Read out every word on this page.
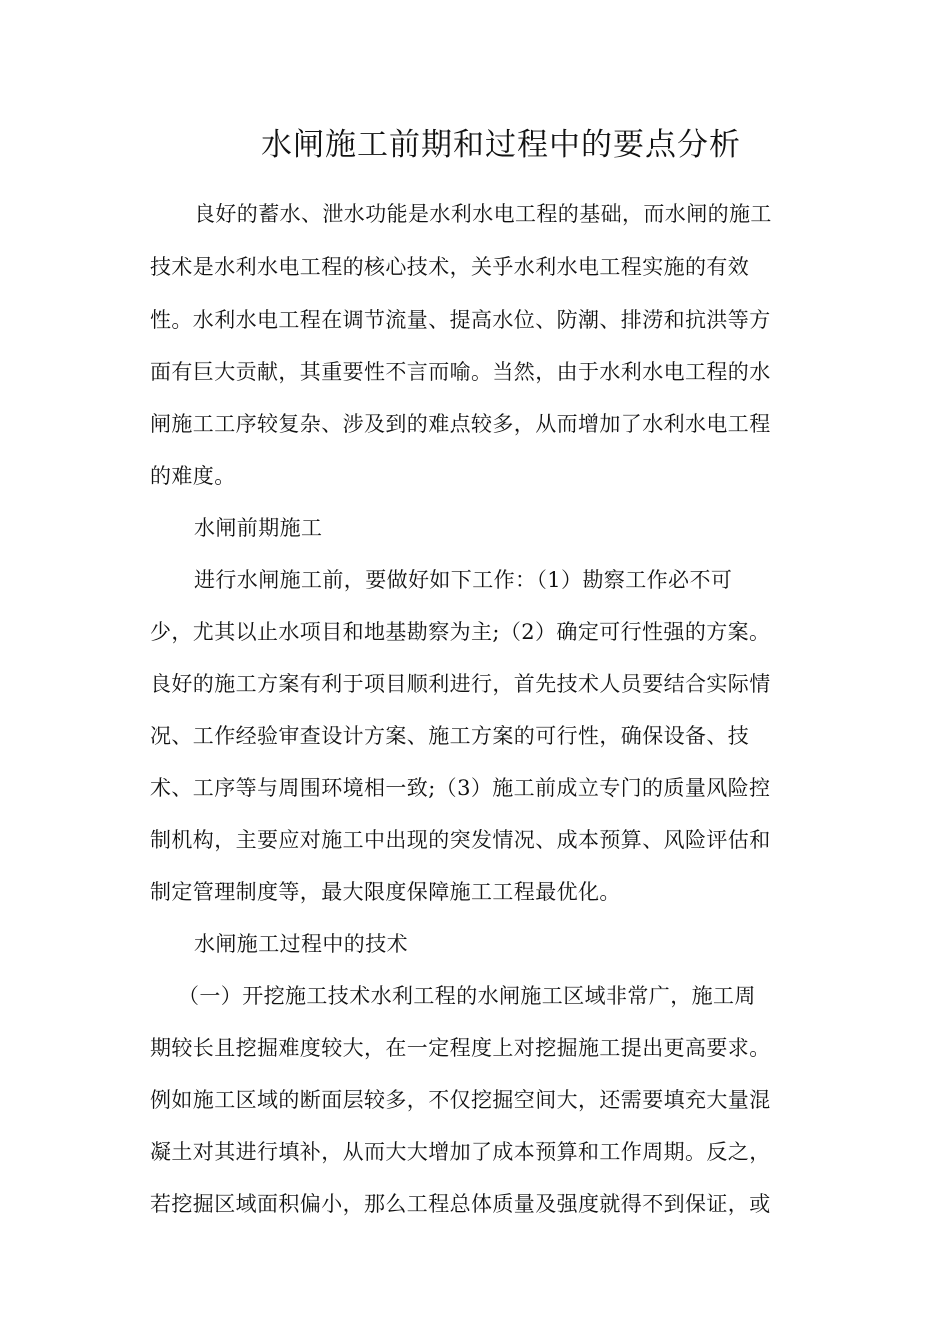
水闸施工前期和过程中的要点分析
良好的蓄水、泄水功能是水利水电工程的基础，而水闸的施工
技术是水利水电工程的核心技术，关乎水利水电工程实施的有效
性。水利水电工程在调节流量、提高水位、防潮、排涝和抗洪等方
面有巨大贡献，其重要性不言而喻。当然，由于水利水电工程的水
闸施工工序较复杂、涉及到的难点较多，从而增加了水利水电工程
的难度。
水闸前期施工
进行水闸施工前，要做好如下工作：（1）勘察工作必不可
少，尤其以止水项目和地基勘察为主;（2）确定可行性强的方案。
良好的施工方案有利于项目顺利进行，首先技术人员要结合实际情
况、工作经验审查设计方案、施工方案的可行性，确保设备、技
术、工序等与周围环境相一致;（3）施工前成立专门的质量风险控
制机构，主要应对施工中出现的突发情况、成本预算、风险评估和
制定管理制度等，最大限度保障施工工程最优化。
水闸施工过程中的技术
（一）开挖施工技术水利工程的水闸施工区域非常广，施工周
期较长且挖掘难度较大，在一定程度上对挖掘施工提出更高要求。
例如施工区域的断面层较多，不仅挖掘空间大，还需要填充大量混
凝土对其进行填补，从而大大增加了成本预算和工作周期。反之，
若挖掘区域面积偏小，那么工程总体质量及强度就得不到保证，或
